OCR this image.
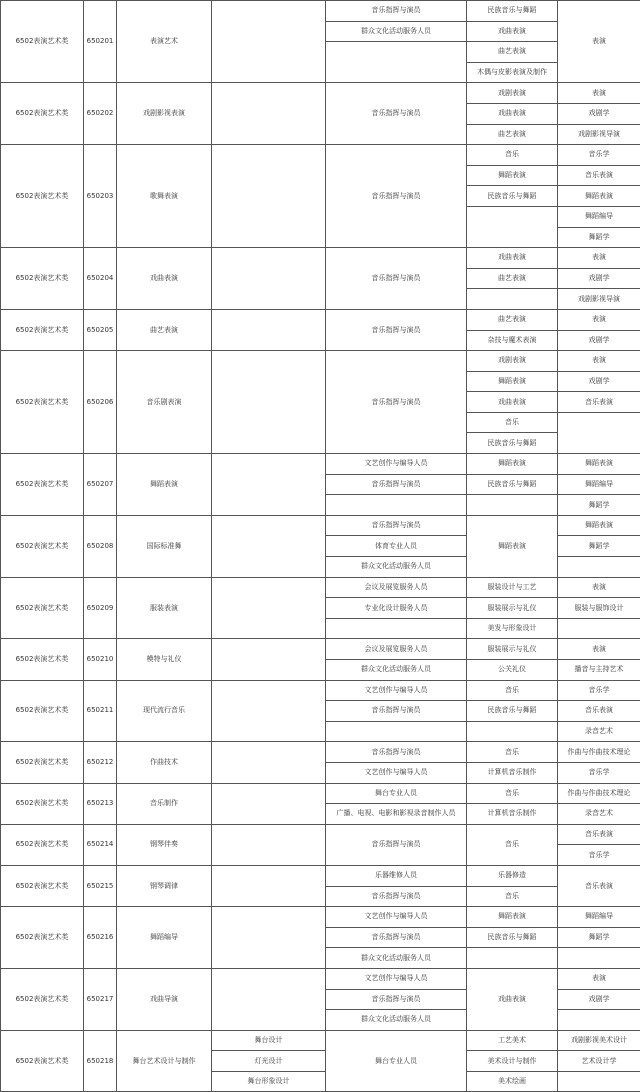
6502表演艺术类	650201	表演艺术		音乐指挥与演员	民族音乐与舞蹈	表演
				群众文化活动服务人员	戏曲表演	
					曲艺表演	
					木偶与皮影表演及制作	
6502表演艺术类	650202	戏剧影视表演		音乐指挥与演员	戏剧表演	表演
					戏曲表演	戏剧学
					曲艺表演	戏剧影视导演
6502表演艺术类	650203	歌舞表演		音乐指挥与演员	音乐	音乐学
					舞蹈表演	音乐表演
					民族音乐与舞蹈	舞蹈表演
						舞蹈编导
						舞蹈学
6502表演艺术类	650204	戏曲表演		音乐指挥与演员	戏曲表演	表演
					曲艺表演	戏剧学
						戏剧影视导演
6502表演艺术类	650205	曲艺表演		音乐指挥与演员	曲艺表演	表演
					杂技与魔术表演	戏剧学
6502表演艺术类	650206	音乐剧表演		音乐指挥与演员	戏剧表演	表演
					舞蹈表演	戏剧学
					戏曲表演	音乐表演
					音乐	
					民族音乐与舞蹈	
6502表演艺术类	650207	舞蹈表演		文艺创作与编导人员	舞蹈表演	舞蹈表演
				音乐指挥与演员	民族音乐与舞蹈	舞蹈编导
						舞蹈学
6502表演艺术类	650208	国际标准舞		音乐指挥与演员	舞蹈表演	舞蹈表演
				体育专业人员		舞蹈学
				群众文化活动服务人员		
6502表演艺术类	650209	服装表演		会议及展览服务人员	服装设计与工艺	表演
				专业化设计服务人员	服装展示与礼仪	服装与服饰设计
					美发与形象设计	
6502表演艺术类	650210	模特与礼仪		会议及展览服务人员	服装展示与礼仪	表演
				群众文化活动服务人员	公关礼仪	播音与主持艺术
6502表演艺术类	650211	现代流行音乐		文艺创作与编导人员	音乐	音乐学
				音乐指挥与演员	民族音乐与舞蹈	音乐表演
						录音艺术
6502表演艺术类	650212	作曲技术		音乐指挥与演员	音乐	作曲与作曲技术理论
				文艺创作与编导人员	计算机音乐制作	音乐学
6502表演艺术类	650213	音乐制作		舞台专业人员	音乐	作曲与作曲技术理论
				广播、电视、电影和影视录音制作人员	计算机音乐制作	录音艺术
6502表演艺术类	650214	钢琴伴奏		音乐指挥与演员	音乐	音乐表演
						音乐学
6502表演艺术类	650215	钢琴调律		乐器维修人员	乐器修造	音乐表演
				音乐指挥与演员	音乐	
6502表演艺术类	650216	舞蹈编导		文艺创作与编导人员	舞蹈表演	舞蹈编导
				音乐指挥与演员	民族音乐与舞蹈	舞蹈学
				群众文化活动服务人员		
6502表演艺术类	650217	戏曲导演		文艺创作与编导人员	戏曲表演	表演
				音乐指挥与演员		戏剧学
				群众文化活动服务人员		
6502表演艺术类	650218	舞台艺术设计与制作	舞台设计	舞台专业人员	工艺美术	戏剧影视美术设计
			灯光设计		美术设计与制作	艺术设计学
			舞台形象设计		美术绘画	
